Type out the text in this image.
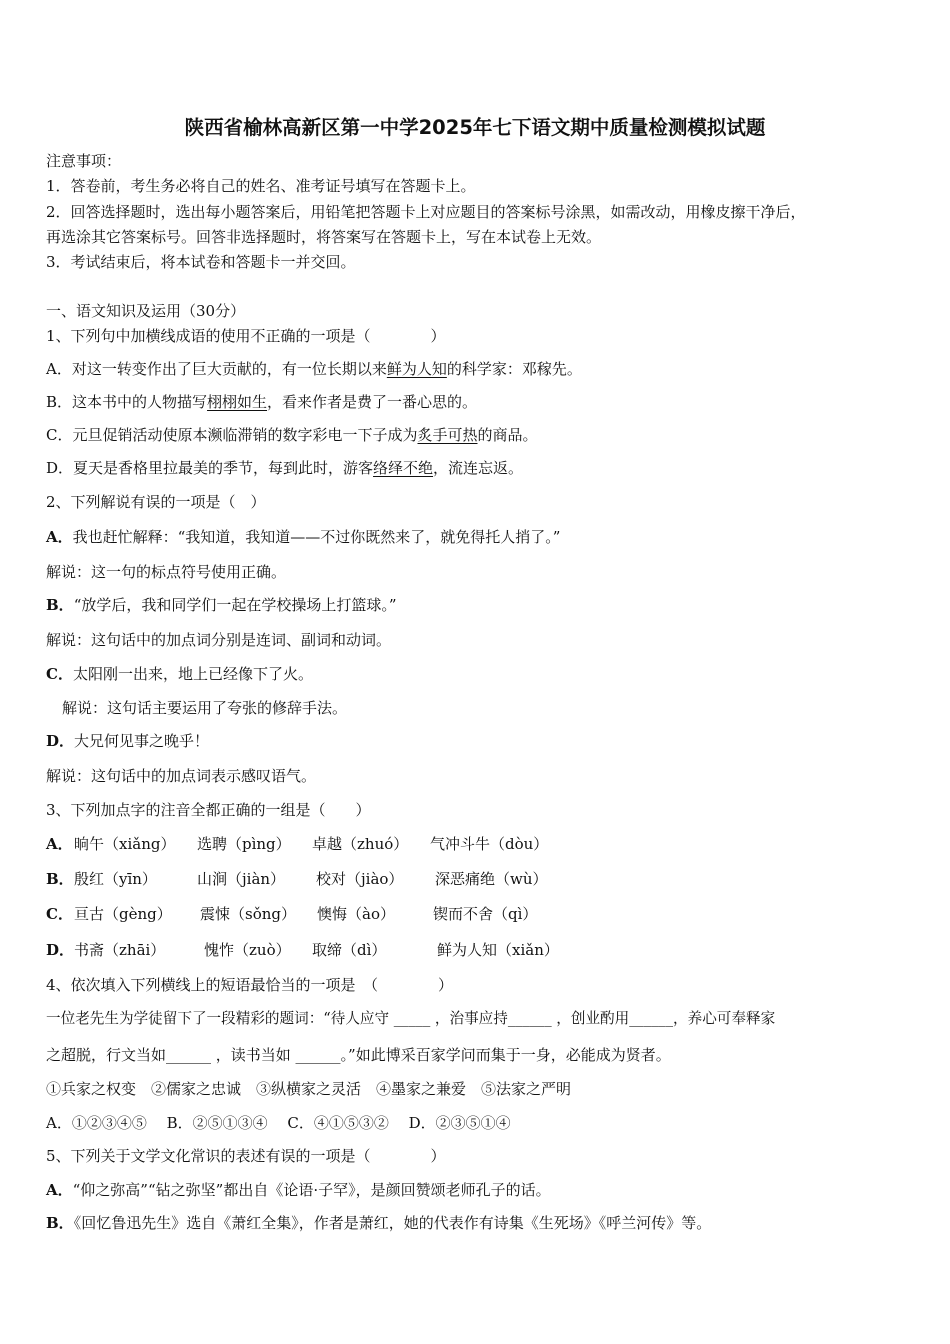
陕西省榆林高新区第一中学2025年七下语文期中质量检测模拟试题
注意事项：
1．答卷前，考生务必将自己的姓名、准考证号填写在答题卡上。
2．回答选择题时，选出每小题答案后，用铅笔把答题卡上对应题目的答案标号涂黑，如需改动，用橡皮擦干净后，
再选涂其它答案标号。回答非选择题时，将答案写在答题卡上，写在本试卷上无效。
3．考试结束后，将本试卷和答题卡一并交回。
一、语文知识及运用（30分）
1、下列句中加横线成语的使用不正确的一项是（　　　　）
A．对这一转变作出了巨大贡献的，有一位长期以来鲜为人知的科学家：邓稼先。
B．这本书中的人物描写栩栩如生，看来作者是费了一番心思的。
C．元旦促销活动使原本濒临滞销的数字彩电一下子成为炙手可热的商品。
D．夏天是香格里拉最美的季节，每到此时，游客络绎不绝，流连忘返。
2、下列解说有误的一项是（　）
A．我也赶忙解释：“我知道，我知道——不过你既然来了，就免得托人捎了。”
解说：这一句的标点符号使用正确。
B．“放学后，我和同学们一起在学校操场上打篮球。”
解说：这句话中的加点词分别是连词、副词和动词。
C．太阳刚一出来，地上已经像下了火。
解说：这句话主要运用了夸张的修辞手法。
D．大兄何见事之晚乎！
解说：这句话中的加点词表示感叹语气。
3、下列加点字的注音全都正确的一组是（　　）
A． 晌午（xiǎng） 选聘（pìng） 卓越（zhuó） 气冲斗牛（dòu）
B． 殷红（yīn）	山涧（jiàn） 校对（jiào） 深恶痛绝（wù）
C． 亘古（gèng） 震悚（sǒng） 懊悔（ào）	锲而不舍（qì）
D． 书斋（zhāi）	愧怍（zuò） 取缔（dì）	鲜为人知（xiǎn）
4、依次填入下列横线上的短语最恰当的一项是　（　　　　）
一位老先生为学徒留下了一段精彩的题词：“待人应守 _____ ，治事应持______ ，创业酌用______，养心可奉释家
之超脱，行文当如______ ，读书当如 ______。”如此博采百家学问而集于一身，必能成为贤者。
①兵家之权变　②儒家之忠诚　③纵横家之灵活　④墨家之兼爱　⑤法家之严明
A．①②③④⑤　 B．②⑤①③④　 C．④①⑤③②　 D．②③⑤①④
5、下列关于文学文化常识的表述有误的一项是（　　　　）
A．“仰之弥高”“钻之弥坚”都出自《论语·子罕》，是颜回赞颂老师孔子的话。
B．《回忆鲁迅先生》选自《萧红全集》，作者是萧红，她的代表作有诗集《生死场》《呼兰河传》等。
